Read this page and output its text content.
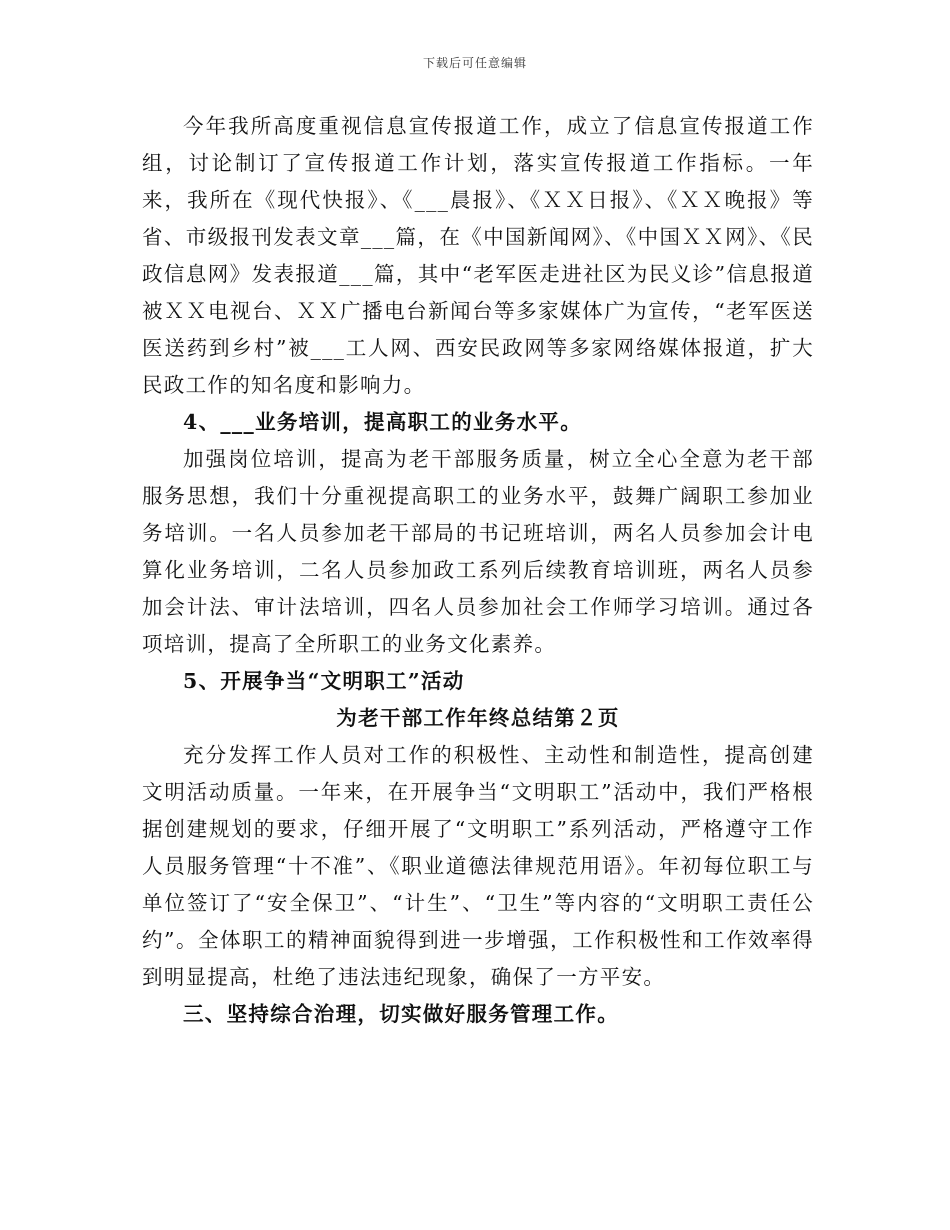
下载后可任意编辑

今年我所高度重视信息宣传报道工作，成立了信息宣传报道工作组，讨论制订了宣传报道工作计划，落实宣传报道工作指标。一年来，我所在《现代快报》、《___晨报》、《ＸＸ日报》、《ＸＸ晚报》等省、市级报刊发表文章___篇，在《中国新闻网》、《中国ＸＸ网》、《民政信息网》发表报道___篇，其中“老军医走进社区为民义诊”信息报道被ＸＸ电视台、ＸＸ广播电台新闻台等多家媒体广为宣传，“老军医送医送药到乡村”被___工人网、西安民政网等多家网络媒体报道，扩大民政工作的知名度和影响力。

4、___业务培训，提高职工的业务水平。

加强岗位培训，提高为老干部服务质量，树立全心全意为老干部服务思想，我们十分重视提高职工的业务水平，鼓舞广阔职工参加业务培训。一名人员参加老干部局的书记班培训，两名人员参加会计电算化业务培训，二名人员参加政工系列后续教育培训班，两名人员参加会计法、审计法培训，四名人员参加社会工作师学习培训。通过各项培训，提高了全所职工的业务文化素养。

5、开展争当“文明职工”活动

为老干部工作年终总结第２页

充分发挥工作人员对工作的积极性、主动性和制造性，提高创建文明活动质量。一年来，在开展争当“文明职工”活动中，我们严格根据创建规划的要求，仔细开展了“文明职工”系列活动，严格遵守工作人员服务管理“十不准”、《职业道德法律规范用语》。年初每位职工与单位签订了“安全保卫”、“计生”、“卫生”等内容的“文明职工责任公约”。全体职工的精神面貌得到进一步增强，工作积极性和工作效率得到明显提高，杜绝了违法违纪现象，确保了一方平安。

三、坚持综合治理，切实做好服务管理工作。
